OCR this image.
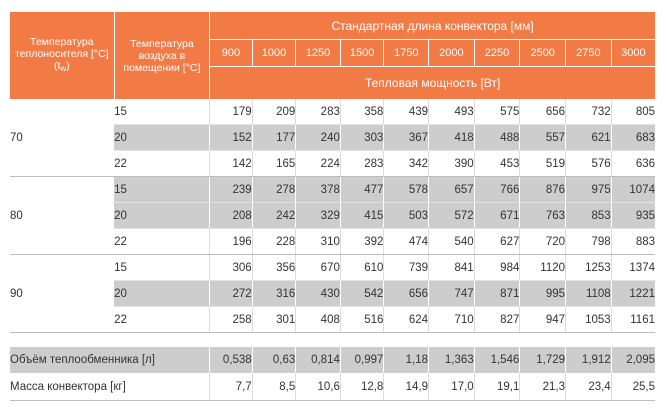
Температура теплоносителя [°C] $(t_w)$	Температура воздуха в помещении [°C]	Стандартная длина конвектора [мм]									
		900	1000	1250	1500	1750	2000	2250	2500	2750	3000
		Тепловая мощность [Вт]									
70	15	179	209	283	358	439	493	575	656	732	805
	20	152	177	240	303	367	418	488	557	621	683
	22	142	165	224	283	342	390	453	519	576	636
80	15	239	278	378	477	578	657	766	876	975	1074
	20	208	242	329	415	503	572	671	763	853	935
	22	196	228	310	392	474	540	627	720	798	883
90	15	306	356	670	610	739	841	984	1120	1253	1374
	20	272	316	430	542	656	747	871	995	1108	1221
	22	258	301	408	516	624	710	827	947	1053	1161

Объём теплообменника [л]		0,538	0,63	0,814	0,997	1,18	1,363	1,546	1,729	1,912	2,095
Масса конвектора [кг]		7,7	8,5	10,6	12,8	14,9	17,0	19,1	21,3	23,4	25,5
